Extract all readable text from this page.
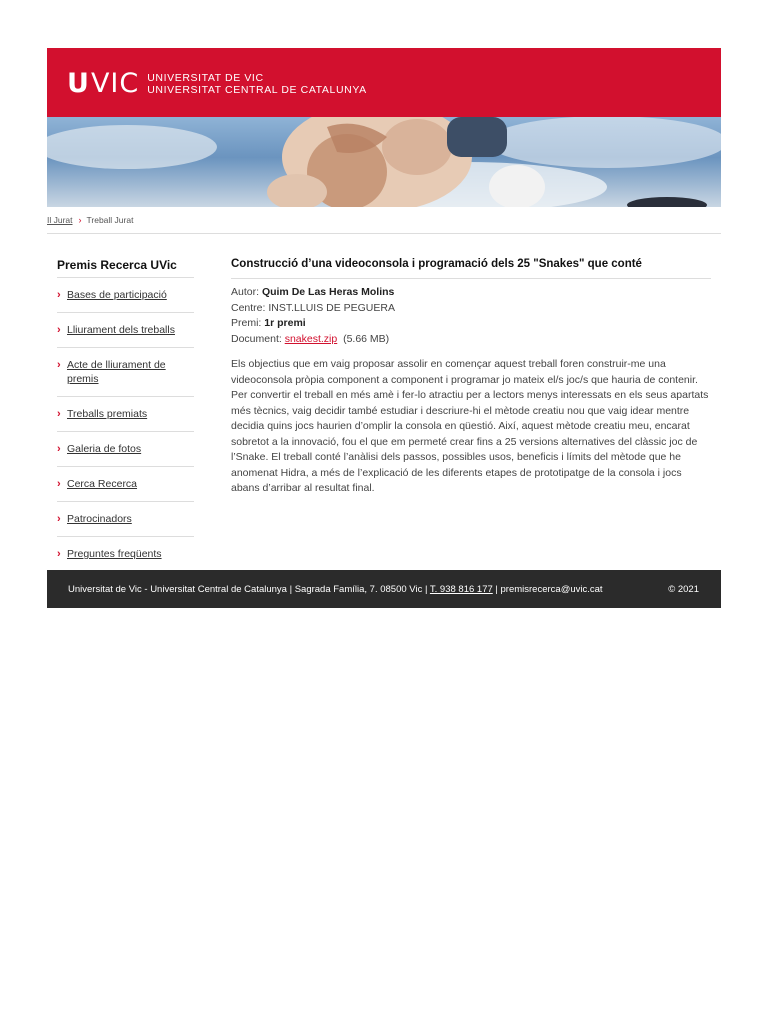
UVIC UNIVERSITAT DE VIC
UNIVERSITAT CENTRAL DE CATALUNYA
Il Jurat › Treball Jurat
Premis Recerca UVic
› Bases de participació
› Lliurament dels treballs
› Acte de lliurament de premis
› Treballs premiats
› Galeria de fotos
› Cerca Recerca
› Patrocinadors
› Preguntes freqüents
Construcció d’una videoconsola i programació dels 25 "Snakes" que conté
Autor: Quim De Las Heras Molins
Centre: INST.LLUIS DE PEGUERA
Premi: 1r premi
Document: snakest.zip (5.66 MB)
Els objectius que em vaig proposar assolir en començar aquest treball foren construir-me una videoconsola pròpia component a component i programar jo mateix el/s joc/s que hauria de contenir. Per convertir el treball en més amè i fer-lo atractiu per a lectors menys interessats en els seus apartats més tècnics, vaig decidir també estudiar i descriure-hi el mètode creatiu nou que vaig idear mentre decidia quins jocs haurien d’omplir la consola en qüestió. Així, aquest mètode creatiu meu, encarat sobretot a la innovació, fou el que em permeté crear fins a 25 versions alternatives del clàssic joc de l’Snake. El treball conté l’anàlisi dels passos, possibles usos, beneficis i límits del mètode que he anomenat Hidra, a més de l’explicació de les diferents etapes de prototipatge de la consola i jocs abans d’arribar al resultat final.
Universitat de Vic - Universitat Central de Catalunya | Sagrada Família, 7. 08500 Vic | T. 938 816 177 | premisrecerca@uvic.cat	© 2021
